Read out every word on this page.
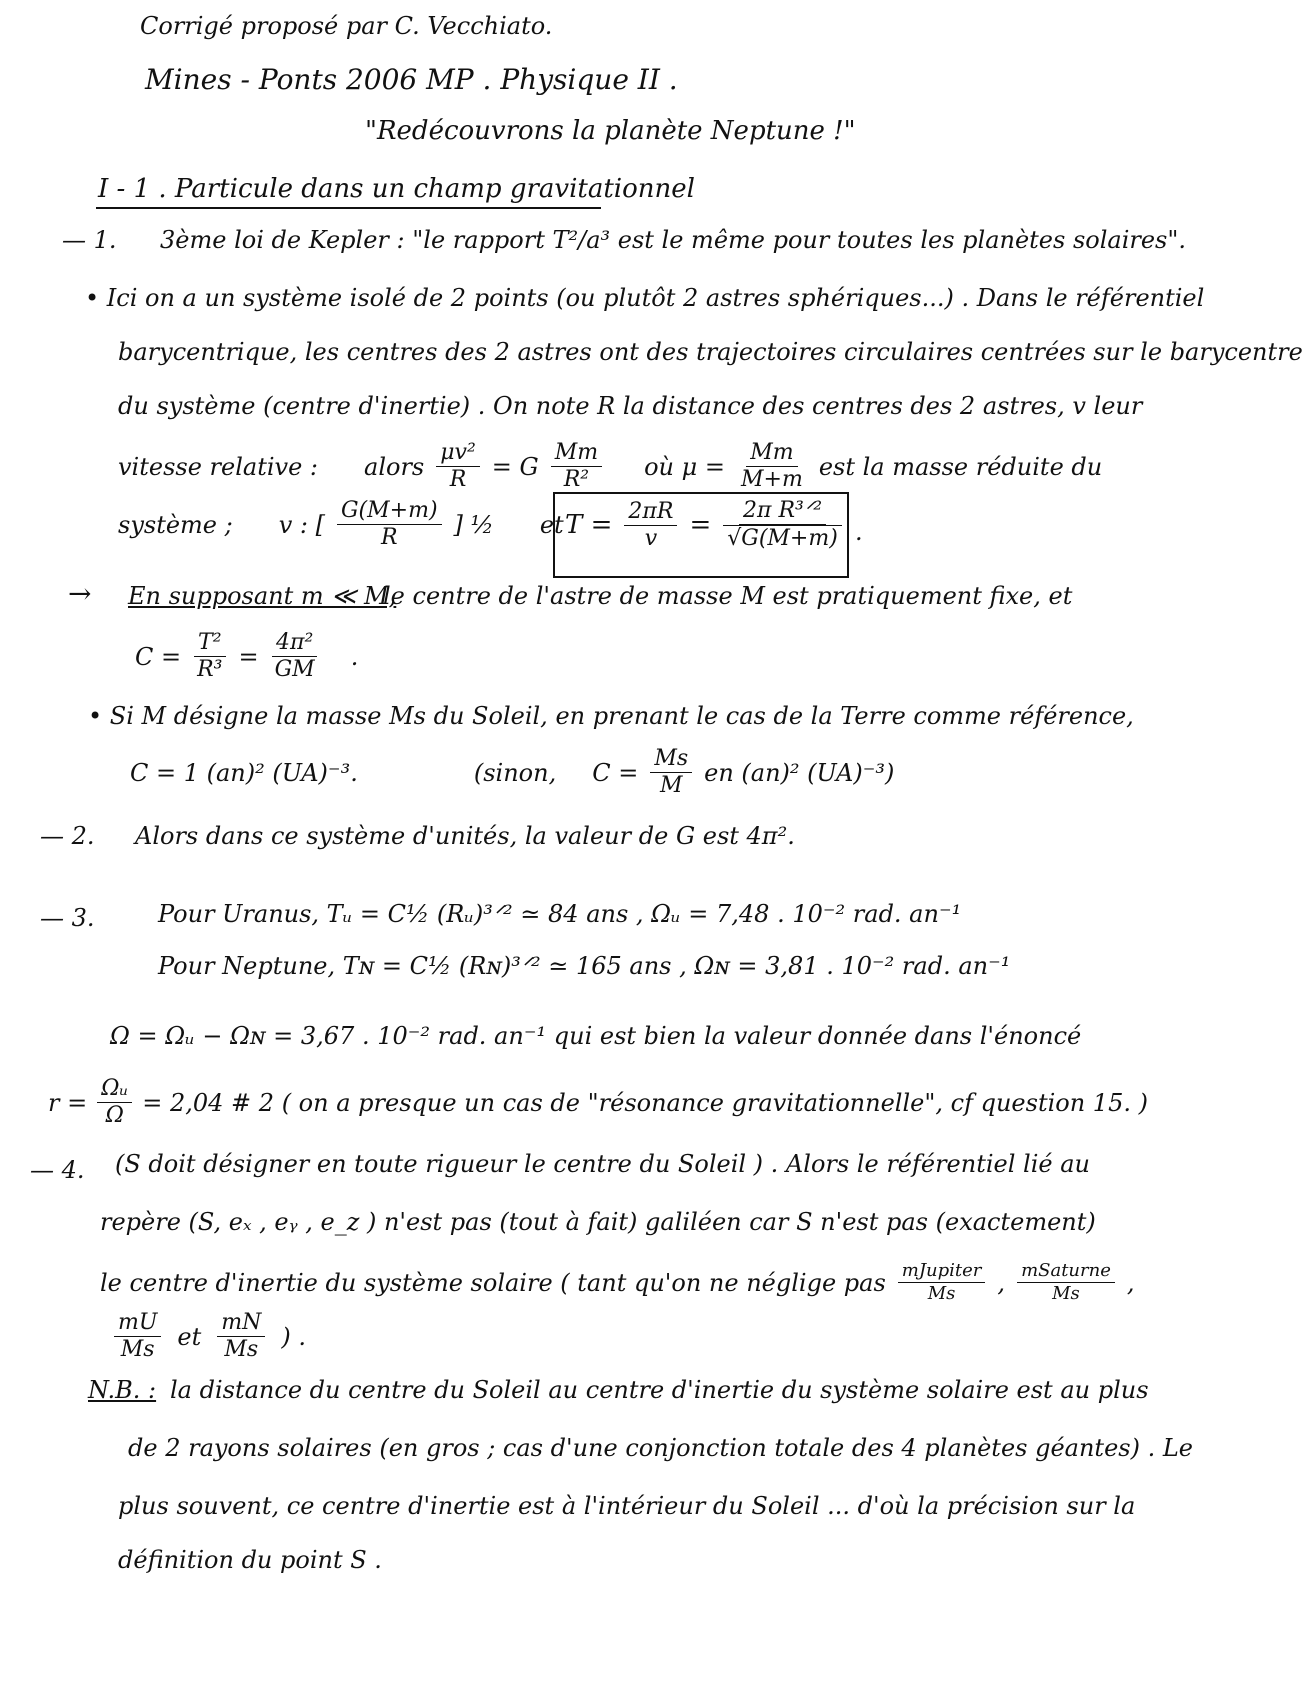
Corrigé proposé par C. Vecchiato.
Mines - Ponts 2006 MP . Physique II .
"Redécouvrons la planète Neptune !"
I - 1 . Particule dans un champ gravitationnel
— 1. 3ème loi de Kepler : "le rapport T²/a³ est le même pour toutes les planètes solaires".
• Ici on a un système isolé de 2 points (ou plutôt 2 astres sphériques...) . Dans le référentiel
barycentrique, les centres des 2 astres ont des trajectoires circulaires centrées sur le barycentre
du système (centre d'inertie) . On note R la distance des centres des 2 astres, v leur
vitesse relative : alors $\frac{\text{μv²}}{R} = G \frac{Mm}{\text{R²}}$ où $\mu = \frac{Mm}{M+m}$ est la masse réduite du
système ; v : [ $\frac{G(M+m)}{R}$ ] ½ et $T = \frac{2\pi R}{v} = \frac{\text{2π R³ᐟ²}}{√G(M+m)}$ .
→ En supposant m ≪ M,
le centre de l'astre de masse M est pratiquement fixe, et
$C = \frac{\text{T²}}{\text{R³}} = \frac{\text{4π²}}{GM}$ .
• Si M désigne la masse Ms du Soleil, en prenant le cas de la Terre comme référence,
C = 1 (an)² (UA)⁻³.	(sinon, $C = \frac{Ms}{M}$ en (an)² (UA)⁻³)
— 2. Alors dans ce système d'unités, la valeur de G est 4π².
— 3.	Pour Uranus, Tᵤ = C½ (Rᵤ)³ᐟ² ≃ 84 ans , Ωᵤ = 7,48 . 10⁻² rad. an⁻¹
Pour Neptune, Tɴ = C½ (Rɴ)³ᐟ² ≃ 165 ans , Ωɴ = 3,81 . 10⁻² rad. an⁻¹
Ω = Ωᵤ − Ωɴ = 3,67 . 10⁻² rad. an⁻¹ qui est bien la valeur donnée dans l'énoncé
$r = \frac{\text{Ωᵤ}}{\Omega} = 2,04$ # 2 ( on a presque un cas de "résonance gravitationnelle", cf question 15. )
— 4. (S doit désigner en toute rigueur le centre du Soleil ) . Alors le référentiel lié au
repère (S, eₓ , eᵧ , e_z ) n'est pas (tout à fait) galiléen car S n'est pas (exactement)
le centre d'inertie du système solaire ( tant qu'on ne néglige pas $\frac{\text{mJupiter}}{Ms}$ , $\frac{\text{mSaturne}}{Ms}$ ,
$\frac{mU}{Ms}$ et $\frac{mN}{Ms}$ ) .
N.B. : la distance du centre du Soleil au centre d'inertie du système solaire est au plus
de 2 rayons solaires (en gros ; cas d'une conjonction totale des 4 planètes géantes) . Le
plus souvent, ce centre d'inertie est à l'intérieur du Soleil ... d'où la précision sur la
définition du point S .
